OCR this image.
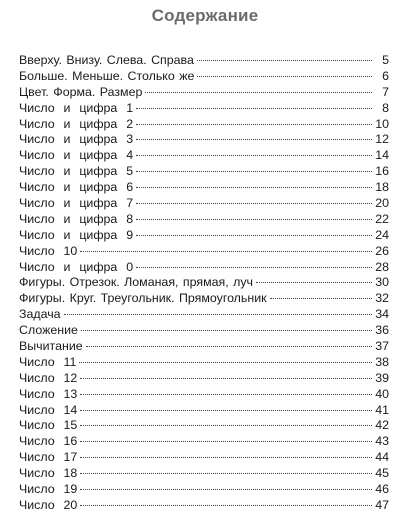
Содержание
Вверху. Внизу. Слева. Справа	5
Больше. Меньше. Столько же	6
Цвет. Форма. Размер	7
Число  и  цифра  1	8
Число  и  цифра  2	10
Число  и  цифра  3	12
Число  и  цифра  4	14
Число  и  цифра  5	16
Число  и  цифра  6	18
Число  и  цифра  7	20
Число  и  цифра  8	22
Число  и  цифра  9	24
Число  10	26
Число  и  цифра  0	28
Фигуры. Отрезок. Ломаная, прямая, луч	30
Фигуры. Круг. Треугольник. Прямоугольник	32
Задача	34
Сложение	36
Вычитание	37
Число  11	38
Число  12	39
Число  13	40
Число  14	41
Число  15	42
Число  16	43
Число  17	44
Число  18	45
Число  19	46
Число  20	47
